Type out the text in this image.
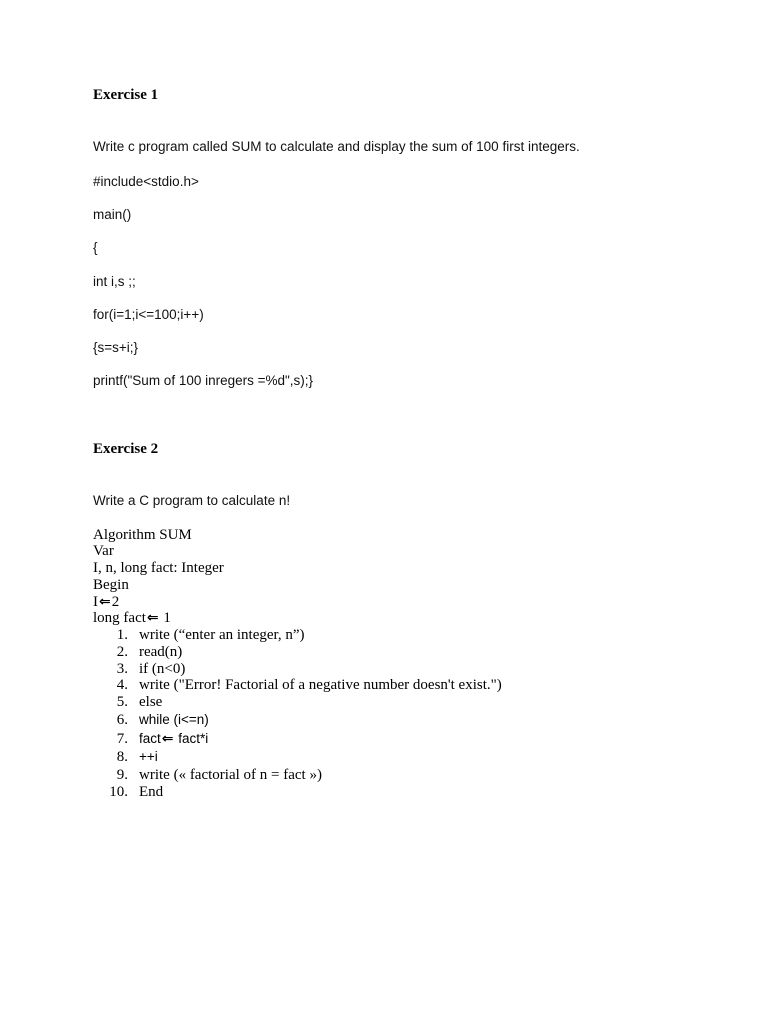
Exercise 1
Write c program called SUM to calculate and display the sum of 100 first integers.
#include<stdio.h>
main()
{
int i,s ;;
for(i=1;i<=100;i++)
{s=s+i;}
printf("Sum of 100 inregers =%d",s);}
Exercise 2
Write a C program to calculate n!
Algorithm SUM
Var
I, n, long fact: Integer
Begin
I⇐2
long fact⇐ 1
1. write (“enter an integer, n”)
2. read(n)
3. if (n<0)
4. write ("Error! Factorial of a negative number doesn't exist.")
5. else
6. while (i<=n)
7. fact⇐ fact*i
8. ++i
9. write (« factorial of n = fact »)
10. End
